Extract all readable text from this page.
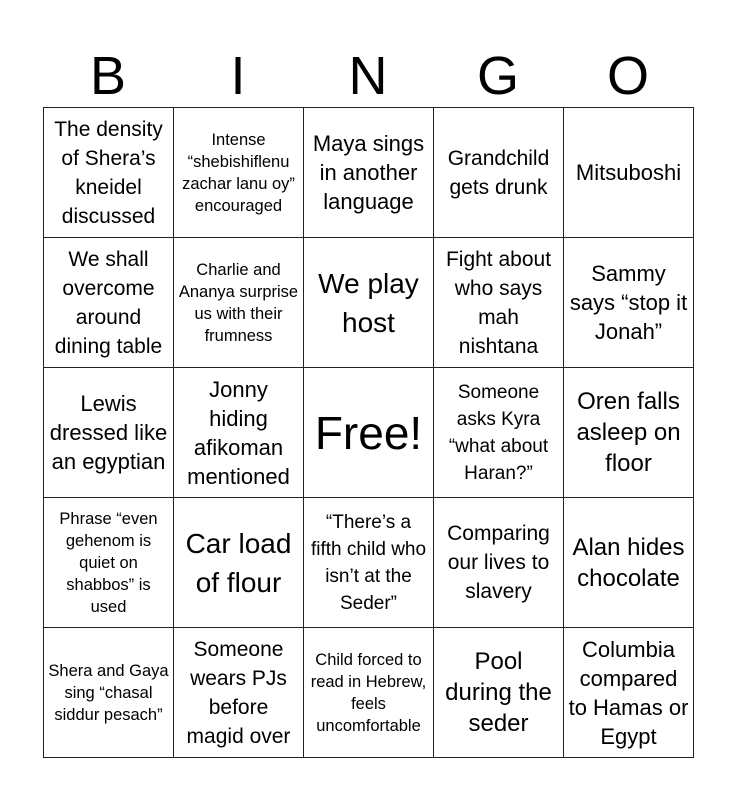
B	I	N	G	O
The density of Shera’s kneidel discussed	Intense “shebishiflenu zachar lanu oy” encouraged	Maya sings in another language	Grandchild gets drunk	Mitsuboshi

We shall overcome around dining table	Charlie and Ananya surprise us with their frumness	We play host	Fight about who says mah nishtana	Sammy says “stop it Jonah”

Lewis dressed like an egyptian	Jonny hiding afikoman mentioned	Free!	Someone asks Kyra “what about Haran?”	Oren falls asleep on floor

Phrase “even gehenom is quiet on shabbos” is used	Car load of flour	“There’s a fifth child who isn’t at the Seder”	Comparing our lives to slavery	Alan hides chocolate

Shera and Gaya sing “chasal siddur pesach”	Someone wears PJs before magid over	Child forced to read in Hebrew, feels uncomfortable	Pool during the seder	Columbia compared to Hamas or Egypt
